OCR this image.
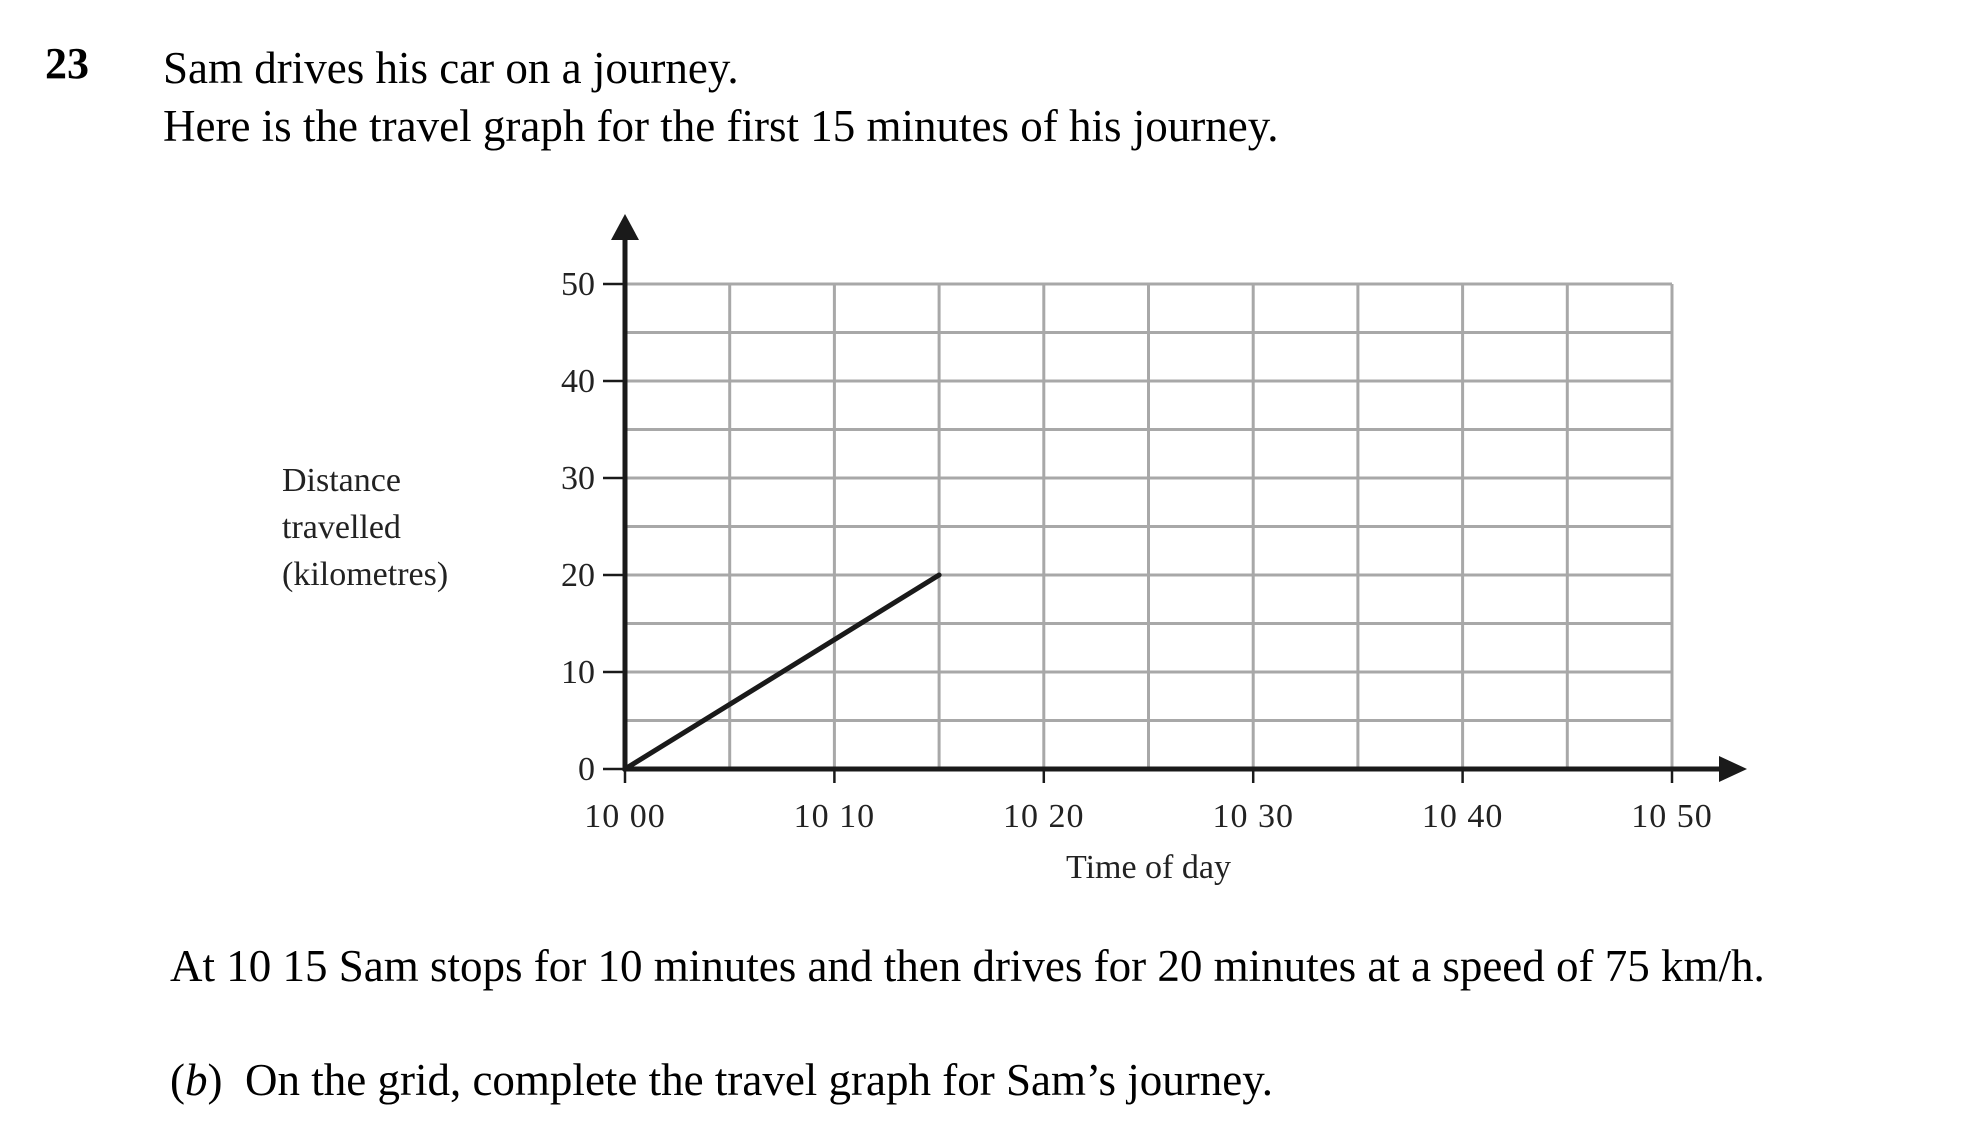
23 Sam drives his car on a journey.
Here is the travel graph for the first 15 minutes of his journey.
0
10
20
30
40
50
10 00	10 10	10 20	10 30	10 40	10 50
Time of day
Distance
travelled
(kilometres)
At 10 15 Sam stops for 10 minutes and then drives for 20 minutes at a speed of 75 km/h.
(b)  On the grid, complete the travel graph for Sam’s journey.
